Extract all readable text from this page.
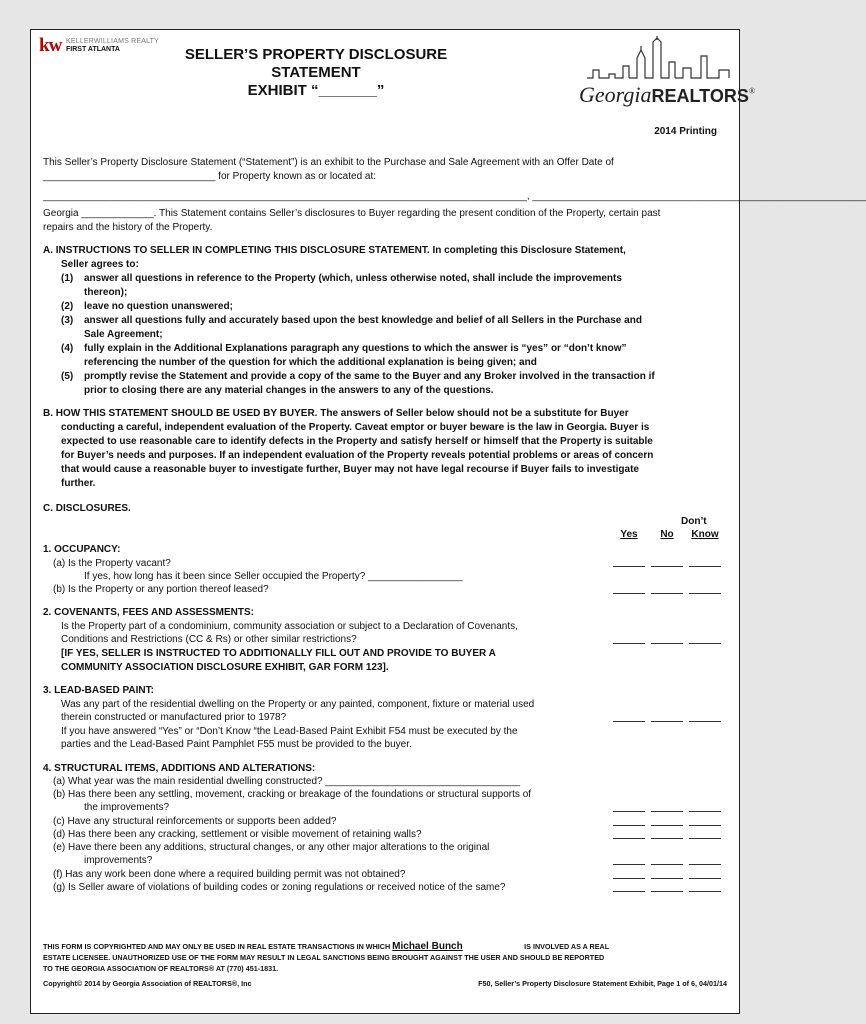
kw KELLERWILLIAMS REALTY
FIRST ATLANTA	SELLER’S PROPERTY DISCLOSURE STATEMENT
EXHIBIT “_______”	GeorgiaREALTORS®
2014 Printing
This Seller’s Property Disclosure Statement (“Statement”) is an exhibit to the Purchase and Sale Agreement with an Offer Date of
_______________________________ for Property known as or located at:
_______________________________________________________________________________________, ____________________________________________________________
Georgia _____________. This Statement contains Seller’s disclosures to Buyer regarding the present condition of the Property, certain past
repairs and the history of the Property.
A. INSTRUCTIONS TO SELLER IN COMPLETING THIS DISCLOSURE STATEMENT. In completing this Disclosure Statement,
Seller agrees to:
(1) answer all questions in reference to the Property (which, unless otherwise noted, shall include the improvements
thereon);
(2) leave no question unanswered;
(3) answer all questions fully and accurately based upon the best knowledge and belief of all Sellers in the Purchase and
Sale Agreement;
(4) fully explain in the Additional Explanations paragraph any questions to which the answer is “yes” or “don’t know”
referencing the number of the question for which the additional explanation is being given; and
(5) promptly revise the Statement and provide a copy of the same to the Buyer and any Broker involved in the transaction if
prior to closing there are any material changes in the answers to any of the questions.
B. HOW THIS STATEMENT SHOULD BE USED BY BUYER. The answers of Seller below should not be a substitute for Buyer
conducting a careful, independent evaluation of the Property. Caveat emptor or buyer beware is the law in Georgia. Buyer is
expected to use reasonable care to identify defects in the Property and satisfy herself or himself that the Property is suitable
for Buyer’s needs and purposes. If an independent evaluation of the Property reveals potential problems or areas of concern
that would cause a reasonable buyer to investigate further, Buyer may not have legal recourse if Buyer fails to investigate
further.
C. DISCLOSURES.
Don’t
Yes	No	Know
1. OCCUPANCY:
(a) Is the Property vacant?
If yes, how long has it been since Seller occupied the Property? _________________
(b) Is the Property or any portion thereof leased?
2. COVENANTS, FEES AND ASSESSMENTS:
Is the Property part of a condominium, community association or subject to a Declaration of Covenants,
Conditions and Restrictions (CC & Rs) or other similar restrictions?
[IF YES, SELLER IS INSTRUCTED TO ADDITIONALLY FILL OUT AND PROVIDE TO BUYER A
COMMUNITY ASSOCIATION DISCLOSURE EXHIBIT, GAR FORM 123].
3. LEAD-BASED PAINT:
Was any part of the residential dwelling on the Property or any painted, component, fixture or material used
therein constructed or manufactured prior to 1978?
If you have answered “Yes” or “Don’t Know “the Lead-Based Paint Exhibit F54 must be executed by the
parties and the Lead-Based Paint Pamphlet F55 must be provided to the buyer.
4. STRUCTURAL ITEMS, ADDITIONS AND ALTERATIONS:
(a) What year was the main residential dwelling constructed? ___________________________________
(b) Has there been any settling, movement, cracking or breakage of the foundations or structural supports of
the improvements?
(c) Have any structural reinforcements or supports been added?
(d) Has there been any cracking, settlement or visible movement of retaining walls?
(e) Have there been any additions, structural changes, or any other major alterations to the original
improvements?
(f) Has any work been done where a required building permit was not obtained?
(g) Is Seller aware of violations of building codes or zoning regulations or received notice of the same?
THIS FORM IS COPYRIGHTED AND MAY ONLY BE USED IN REAL ESTATE TRANSACTIONS IN WHICH Michael Bunch	IS INVOLVED AS A REAL
ESTATE LICENSEE. UNAUTHORIZED USE OF THE FORM MAY RESULT IN LEGAL SANCTIONS BEING BROUGHT AGAINST THE USER AND SHOULD BE REPORTED
TO THE GEORGIA ASSOCIATION OF REALTORS® AT (770) 451-1831.
Copyright© 2014 by Georgia Association of REALTORS®, Inc	F50, Seller’s Property Disclosure Statement Exhibit, Page 1 of 6, 04/01/14
